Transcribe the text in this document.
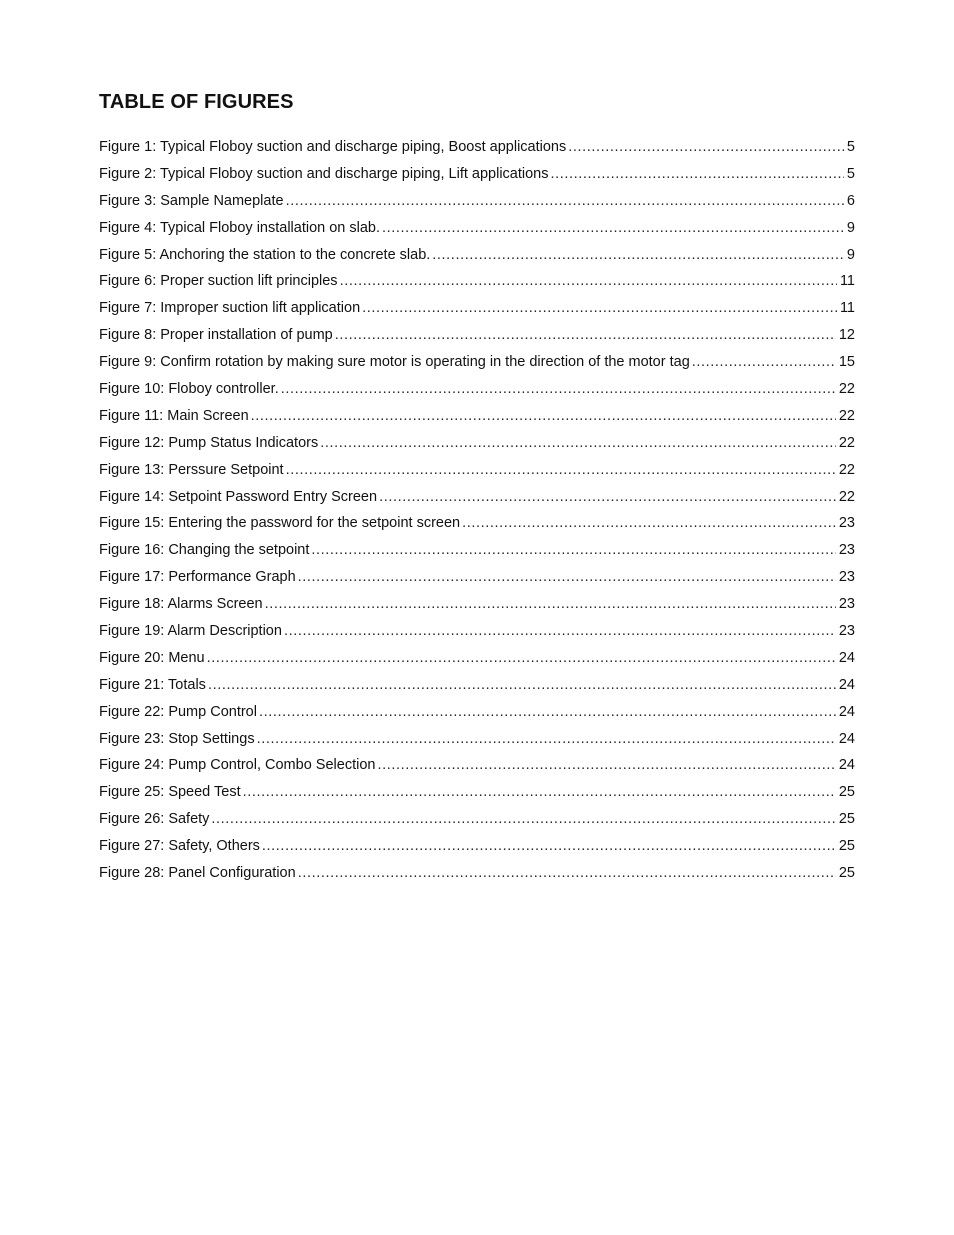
TABLE OF FIGURES
Figure 1: Typical Floboy suction and discharge piping, Boost applications .....	5
Figure 2: Typical Floboy suction and discharge piping, Lift applications .....	5
Figure 3: Sample Nameplate .....	6
Figure 4: Typical Floboy installation on slab. .....	9
Figure 5: Anchoring the station to the concrete slab. .....	9
Figure 6: Proper suction lift principles .....	11
Figure 7: Improper suction lift application .....	11
Figure 8: Proper installation of pump .....	12
Figure 9: Confirm rotation by making sure motor is operating in the direction of the motor tag .....	15
Figure 10: Floboy controller. .....	22
Figure 11: Main Screen .....	22
Figure 12: Pump Status Indicators .....	22
Figure 13: Perssure Setpoint .....	22
Figure 14: Setpoint Password Entry Screen .....	22
Figure 15: Entering the password for the setpoint screen .....	23
Figure 16: Changing the setpoint .....	23
Figure 17: Performance Graph .....	23
Figure 18: Alarms Screen .....	23
Figure 19: Alarm Description .....	23
Figure 20: Menu .....	24
Figure 21: Totals .....	24
Figure 22: Pump Control .....	24
Figure 23: Stop Settings .....	24
Figure 24: Pump Control, Combo Selection .....	24
Figure 25: Speed Test .....	25
Figure 26: Safety .....	25
Figure 27: Safety, Others .....	25
Figure 28: Panel Configuration .....	25
